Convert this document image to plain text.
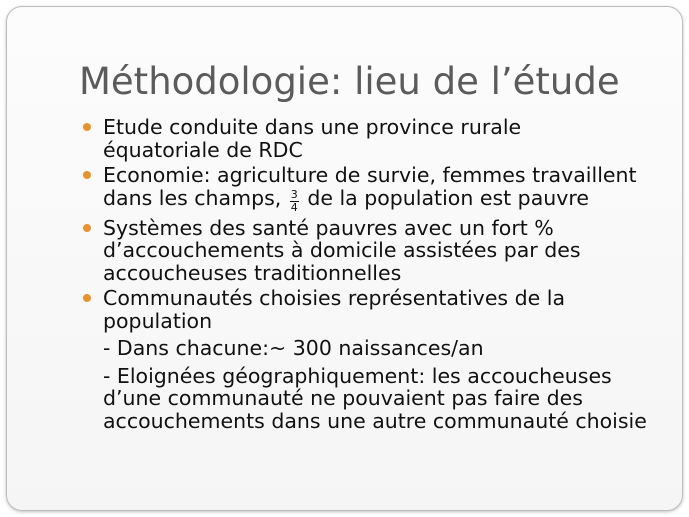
Méthodologie: lieu de l’étude
Etude conduite dans une province rurale
équatoriale de RDC
Economie: agriculture de survie, femmes travaillent
dans les champs, $\frac{3}{4}$ de la population est pauvre
Systèmes des santé pauvres avec un fort %
d’accouchements à domicile assistées par des
accoucheuses traditionnelles
Communautés choisies représentatives de la
population
- Dans chacune:~ 300 naissances/an
- Eloignées géographiquement: les accoucheuses
d’une communauté ne pouvaient pas faire des
accouchements dans une autre communauté choisie
